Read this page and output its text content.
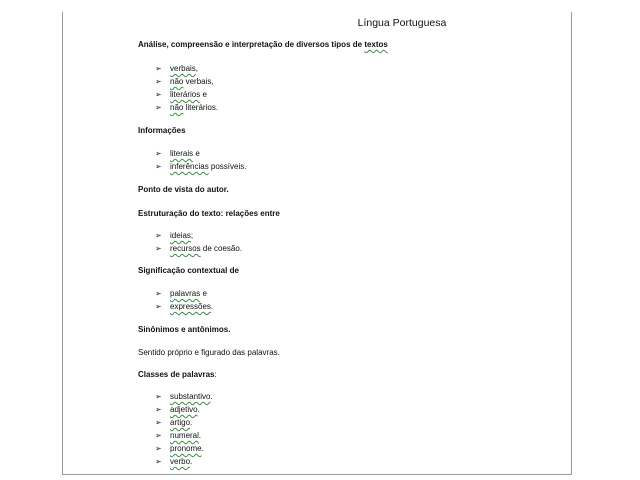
Língua Portuguesa
Análise, compreensão e interpretação de diversos tipos de textos
➢ verbais,
➢ não verbais,
➢ literários e
➢ não literários.
Informações
➢ literais e
➢ inferências possíveis.
Ponto de vista do autor.
Estruturação do texto: relações entre
➢ ideias;
➢ recursos de coesão.
Significação contextual de
➢ palavras e
➢ expressões.
Sinônimos e antônimos.
Sentido próprio e figurado das palavras.
Classes de palavras:
➢ substantivo.
➢ adjetivo.
➢ artigo.
➢ numeral.
➢ pronome.
➢ verbo.
